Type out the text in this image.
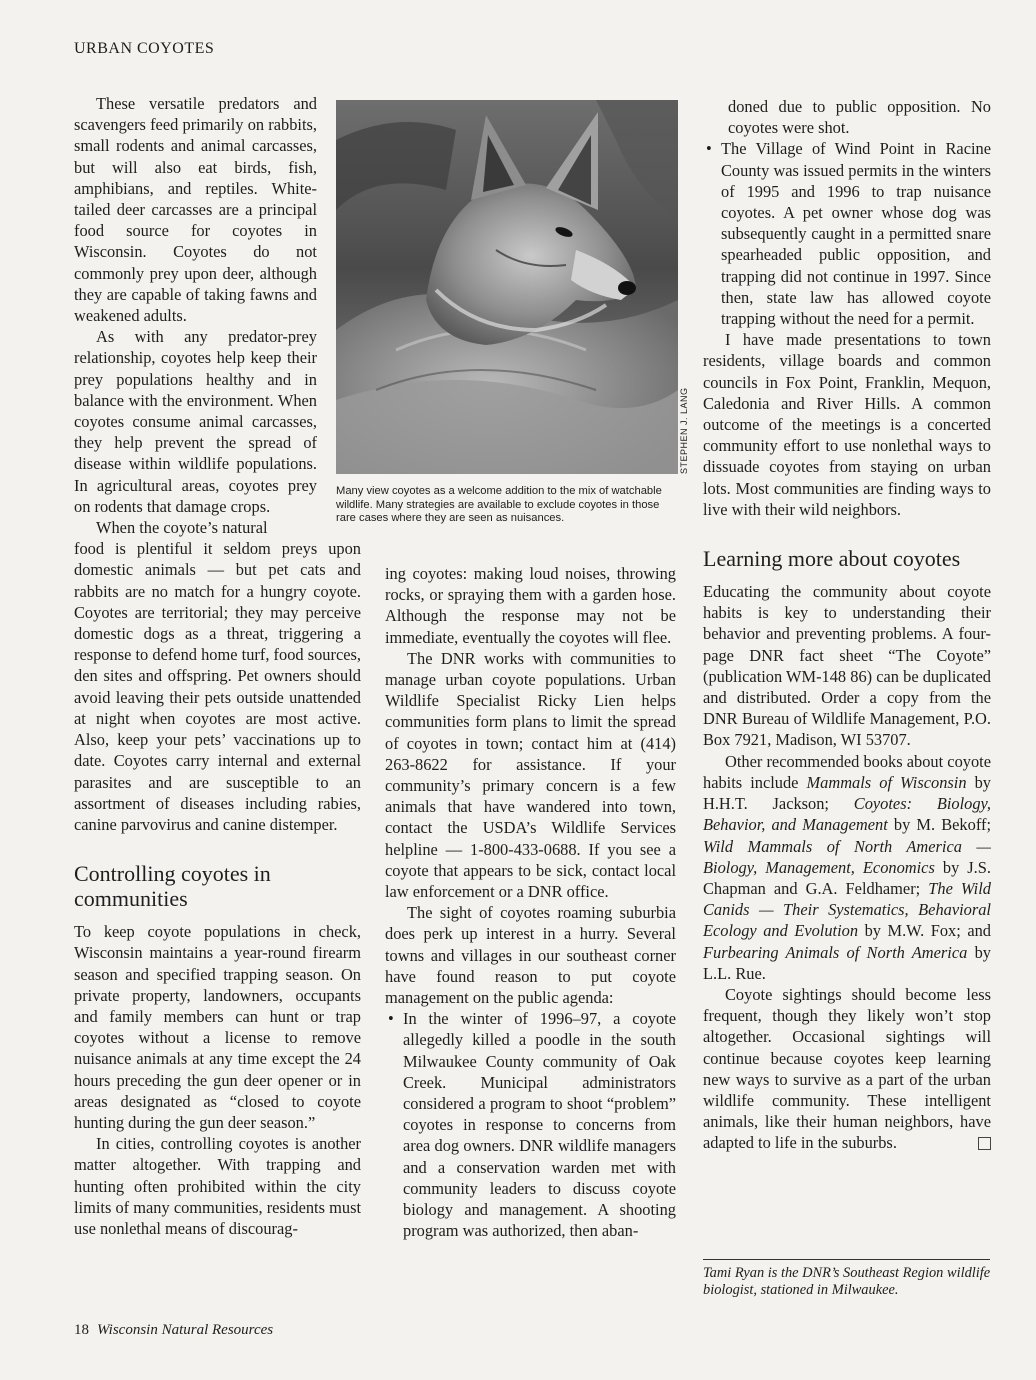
URBAN COYOTES
STEPHEN J. LANG
Many view coyotes as a welcome addition to the mix of watchable wildlife. Many strategies are available to exclude coyotes in those rare cases where they are seen as nuisances.

These versatile predators and scavengers feed primarily on rabbits, small rodents and animal carcasses, but will also eat birds, fish, amphibians, and reptiles. White-tailed deer carcasses are a principal food source for coyotes in Wisconsin. Coyotes do not commonly prey upon deer, although they are capable of taking fawns and weakened adults.

As with any predator-prey relationship, coyotes help keep their prey populations healthy and in balance with the environment. When coyotes consume animal carcasses, they help prevent the spread of disease within wildlife populations. In agricultural areas, coyotes prey on rodents that damage crops.

When the coyote’s natural

food is plentiful it seldom preys upon domestic animals — but pet cats and rabbits are no match for a hungry coyote. Coyotes are territorial; they may perceive domestic dogs as a threat, triggering a response to defend home turf, food sources, den sites and offspring. Pet owners should avoid leaving their pets outside unattended at night when coyotes are most active. Also, keep your pets’ vaccinations up to date. Coyotes carry internal and external parasites and are susceptible to an assortment of diseases including rabies, canine parvovirus and canine distemper.

Controlling coyotes in communities

To keep coyote populations in check, Wisconsin maintains a year-round firearm season and specified trapping season. On private property, landowners, occupants and family members can hunt or trap coyotes without a license to remove nuisance animals at any time except the 24 hours preceding the gun deer opener or in areas designated as “closed to coyote hunting during the gun deer season.”

In cities, controlling coyotes is another matter altogether. With trapping and hunting often prohibited within the city limits of many communities, residents must use nonlethal means of discourag-

ing coyotes: making loud noises, throwing rocks, or spraying them with a garden hose. Although the response may not be immediate, eventually the coyotes will flee.

The DNR works with communities to manage urban coyote populations. Urban Wildlife Specialist Ricky Lien helps communities form plans to limit the spread of coyotes in town; contact him at (414) 263-8622 for assistance. If your community’s primary concern is a few animals that have wandered into town, contact the USDA’s Wildlife Services helpline — 1-800-433-0688. If you see a coyote that appears to be sick, contact local law enforcement or a DNR office.

The sight of coyotes roaming suburbia does perk up interest in a hurry. Several towns and villages in our southeast corner have found reason to put coyote management on the public agenda:

• In the winter of 1996–97, a coyote allegedly killed a poodle in the south Milwaukee County community of Oak Creek. Municipal administrators considered a program to shoot “problem” coyotes in response to concerns from area dog owners. DNR wildlife managers and a conservation warden met with community leaders to discuss coyote biology and management. A shooting program was authorized, then aban-
doned due to public opposition. No coyotes were shot.
• The Village of Wind Point in Racine County was issued permits in the winters of 1995 and 1996 to trap nuisance coyotes. A pet owner whose dog was subsequently caught in a permitted snare spearheaded public opposition, and trapping did not continue in 1997. Since then, state law has allowed coyote trapping without the need for a permit.

I have made presentations to town residents, village boards and common councils in Fox Point, Franklin, Mequon, Caledonia and River Hills. A common outcome of the meetings is a concerted community effort to use nonlethal ways to dissuade coyotes from staying on urban lots. Most communities are finding ways to live with their wild neighbors.

Learning more about coyotes

Educating the community about coyote habits is key to understanding their behavior and preventing problems. A four-page DNR fact sheet “The Coyote” (publication WM-148 86) can be duplicated and distributed. Order a copy from the DNR Bureau of Wildlife Management, P.O. Box 7921, Madison, WI 53707.

Other recommended books about coyote habits include Mammals of Wisconsin by H.H.T. Jackson; Coyotes: Biology, Behavior, and Management by M. Bekoff; Wild Mammals of North America —Biology, Management, Economics by J.S. Chapman and G.A. Feldhamer; The Wild Canids — Their Systematics, Behavioral Ecology and Evolution by M.W. Fox; and Furbearing Animals of North America by L.L. Rue.

Coyote sightings should become less frequent, though they likely won’t stop altogether. Occasional sightings will continue because coyotes keep learning new ways to survive as a part of the urban wildlife community. These intelligent animals, like their human neighbors, have adapted to life in the suburbs.

Tami Ryan is the DNR’s Southeast Region wildlife biologist, stationed in Milwaukee.
18 Wisconsin Natural Resources
